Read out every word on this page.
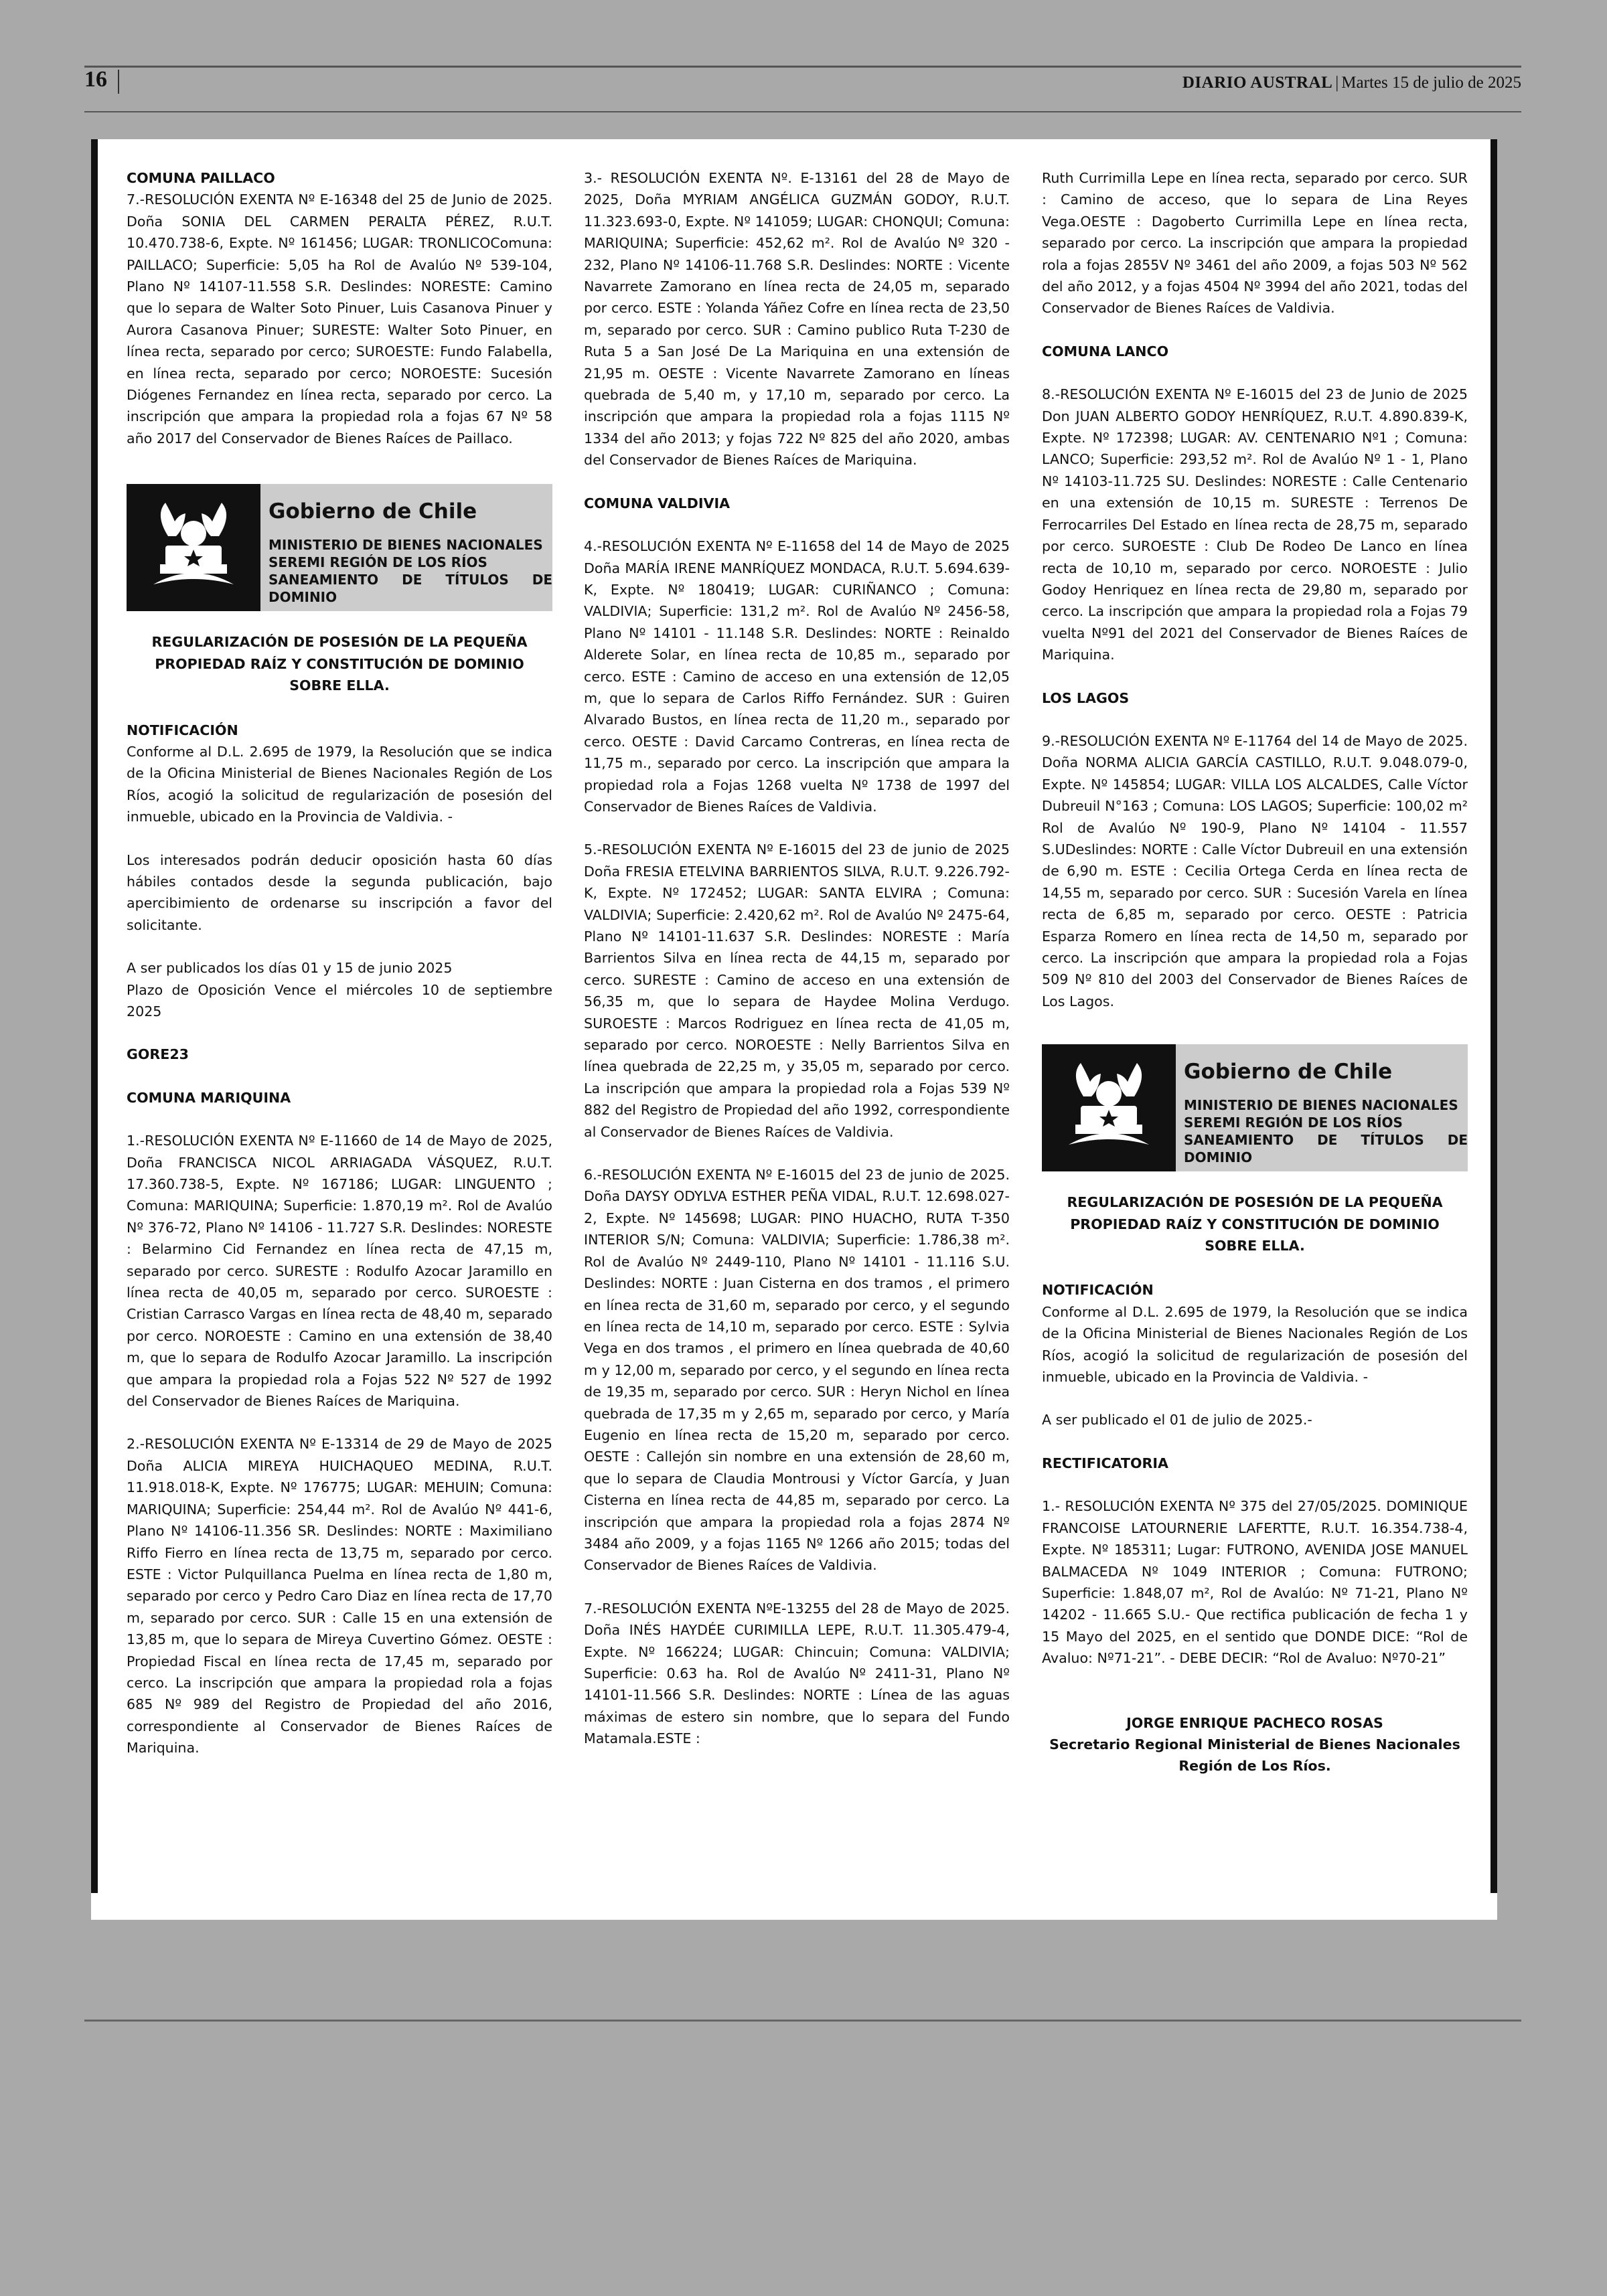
16	DIARIO AUSTRAL | Martes 15 de julio de 2025

COMUNA PAILLACO

7.-RESOLUCIÓN EXENTA Nº E-16348 del 25 de Junio de 2025. Doña SONIA DEL CARMEN PERALTA PÉREZ, R.U.T. 10.470.738-6, Expte. Nº 161456; LUGAR: TRONLICOComuna: PAILLACO; Superficie: 5,05 ha Rol de Avalúo Nº 539-104, Plano Nº 14107-11.558 S.R. Deslindes: NORESTE: Camino que lo separa de Walter Soto Pinuer, Luis Casanova Pinuer y Aurora Casanova Pinuer; SURESTE: Walter Soto Pinuer, en línea recta, separado por cerco; SUROESTE: Fundo Falabella, en línea recta, separado por cerco; NOROESTE: Sucesión Diógenes Fernandez en línea recta, separado por cerco. La inscripción que ampara la propiedad rola a fojas 67 Nº 58 año 2017 del Conservador de Bienes Raíces de Paillaco.

Gobierno de Chile
MINISTERIO DE BIENES NACIONALES
SEREMI REGIÓN DE LOS RÍOS
SANEAMIENTO DE TÍTULOS DE DOMINIO

REGULARIZACIÓN DE POSESIÓN DE LA PEQUEÑA

PROPIEDAD RAÍZ Y CONSTITUCIÓN DE DOMINIO SOBRE ELLA.

NOTIFICACIÓN

Conforme al D.L. 2.695 de 1979, la Resolución que se indica de la Oficina Ministerial de Bienes Nacionales Región de Los Ríos, acogió la solicitud de regularización de posesión del inmueble, ubicado en la Provincia de Valdivia. -

Los interesados podrán deducir oposición hasta 60 días hábiles contados desde la segunda publicación, bajo apercibimiento de ordenarse su inscripción a favor del solicitante.

A ser publicados los días 01 y 15 de junio 2025

Plazo de Oposición Vence el miércoles 10 de septiembre 2025

GORE23

COMUNA MARIQUINA

1.-RESOLUCIÓN EXENTA Nº E-11660 de 14 de Mayo de 2025, Doña FRANCISCA NICOL ARRIAGADA VÁSQUEZ, R.U.T. 17.360.738-5, Expte. Nº 167186; LUGAR: LINGUENTO ; Comuna: MARIQUINA; Superficie: 1.870,19 m². Rol de Avalúo Nº 376-72, Plano Nº 14106 - 11.727 S.R. Deslindes: NORESTE : Belarmino Cid Fernandez en línea recta de 47,15 m, separado por cerco. SURESTE : Rodulfo Azocar Jaramillo en línea recta de 40,05 m, separado por cerco. SUROESTE : Cristian Carrasco Vargas en línea recta de 48,40 m, separado por cerco. NOROESTE : Camino en una extensión de 38,40 m, que lo separa de Rodulfo Azocar Jaramillo. La inscripción que ampara la propiedad rola a Fojas 522 Nº 527 de 1992 del Conservador de Bienes Raíces de Mariquina.

2.-RESOLUCIÓN EXENTA Nº E-13314 de 29 de Mayo de 2025 Doña ALICIA MIREYA HUICHAQUEO MEDINA, R.U.T. 11.918.018-K, Expte. Nº 176775; LUGAR: MEHUIN; Comuna: MARIQUINA; Superficie: 254,44 m². Rol de Avalúo Nº 441-6, Plano Nº 14106-11.356 SR. Deslindes: NORTE : Maximiliano Riffo Fierro en línea recta de 13,75 m, separado por cerco. ESTE : Victor Pulquillanca Puelma en línea recta de 1,80 m, separado por cerco y Pedro Caro Diaz en línea recta de 17,70 m, separado por cerco. SUR : Calle 15 en una extensión de 13,85 m, que lo separa de Mireya Cuvertino Gómez. OESTE : Propiedad Fiscal en línea recta de 17,45 m, separado por cerco. La inscripción que ampara la propiedad rola a fojas 685 Nº 989 del Registro de Propiedad del año 2016, correspondiente al Conservador de Bienes Raíces de Mariquina.

3.- RESOLUCIÓN EXENTA Nº. E-13161 del 28 de Mayo de 2025, Doña MYRIAM ANGÉLICA GUZMÁN GODOY, R.U.T. 11.323.693-0, Expte. Nº 141059; LUGAR: CHONQUI; Comuna: MARIQUINA; Superficie: 452,62 m². Rol de Avalúo Nº 320 - 232, Plano Nº 14106-11.768 S.R. Deslindes: NORTE : Vicente Navarrete Zamorano en línea recta de 24,05 m, separado por cerco. ESTE : Yolanda Yáñez Cofre en línea recta de 23,50 m, separado por cerco. SUR : Camino publico Ruta T-230 de Ruta 5 a San José De La Mariquina en una extensión de 21,95 m. OESTE : Vicente Navarrete Zamorano en líneas quebrada de 5,40 m, y 17,10 m, separado por cerco. La inscripción que ampara la propiedad rola a fojas 1115 Nº 1334 del año 2013; y fojas 722 Nº 825 del año 2020, ambas del Conservador de Bienes Raíces de Mariquina.

COMUNA VALDIVIA

4.-RESOLUCIÓN EXENTA Nº E-11658 del 14 de Mayo de 2025 Doña MARÍA IRENE MANRÍQUEZ MONDACA, R.U.T. 5.694.639-K, Expte. Nº 180419; LUGAR: CURIÑANCO ; Comuna: VALDIVIA; Superficie: 131,2 m². Rol de Avalúo Nº 2456-58, Plano Nº 14101 - 11.148 S.R. Deslindes: NORTE : Reinaldo Alderete Solar, en línea recta de 10,85 m., separado por cerco. ESTE : Camino de acceso en una extensión de 12,05 m, que lo separa de Carlos Riffo Fernández. SUR : Guiren Alvarado Bustos, en línea recta de 11,20 m., separado por cerco. OESTE : David Carcamo Contreras, en línea recta de 11,75 m., separado por cerco. La inscripción que ampara la propiedad rola a Fojas 1268 vuelta Nº 1738 de 1997 del Conservador de Bienes Raíces de Valdivia.

5.-RESOLUCIÓN EXENTA Nº E-16015 del 23 de junio de 2025 Doña FRESIA ETELVINA BARRIENTOS SILVA, R.U.T. 9.226.792-K, Expte. Nº 172452; LUGAR: SANTA ELVIRA ; Comuna: VALDIVIA; Superficie: 2.420,62 m². Rol de Avalúo Nº 2475-64, Plano Nº 14101-11.637 S.R. Deslindes: NORESTE : María Barrientos Silva en línea recta de 44,15 m, separado por cerco. SURESTE : Camino de acceso en una extensión de 56,35 m, que lo separa de Haydee Molina Verdugo. SUROESTE : Marcos Rodriguez en línea recta de 41,05 m, separado por cerco. NOROESTE : Nelly Barrientos Silva en línea quebrada de 22,25 m, y 35,05 m, separado por cerco. La inscripción que ampara la propiedad rola a Fojas 539 Nº 882 del Registro de Propiedad del año 1992, correspondiente al Conservador de Bienes Raíces de Valdivia.

6.-RESOLUCIÓN EXENTA Nº E-16015 del 23 de junio de 2025. Doña DAYSY ODYLVA ESTHER PEÑA VIDAL, R.U.T. 12.698.027-2, Expte. Nº 145698; LUGAR: PINO HUACHO, RUTA T-350 INTERIOR S/N; Comuna: VALDIVIA; Superficie: 1.786,38 m². Rol de Avalúo Nº 2449-110, Plano Nº 14101 - 11.116 S.U. Deslindes: NORTE : Juan Cisterna en dos tramos , el primero en línea recta de 31,60 m, separado por cerco, y el segundo en línea recta de 14,10 m, separado por cerco. ESTE : Sylvia Vega en dos tramos , el primero en línea quebrada de 40,60 m y 12,00 m, separado por cerco, y el segundo en línea recta de 19,35 m, separado por cerco. SUR : Heryn Nichol en línea quebrada de 17,35 m y 2,65 m, separado por cerco, y María Eugenio en línea recta de 15,20 m, separado por cerco. OESTE : Callejón sin nombre en una extensión de 28,60 m, que lo separa de Claudia Montrousi y Víctor García, y Juan Cisterna en línea recta de 44,85 m, separado por cerco. La inscripción que ampara la propiedad rola a fojas 2874 Nº 3484 año 2009, y a fojas 1165 Nº 1266 año 2015; todas del Conservador de Bienes Raíces de Valdivia.

7.-RESOLUCIÓN EXENTA NºE-13255 del 28 de Mayo de 2025. Doña INÉS HAYDÉE CURIMILLA LEPE, R.U.T. 11.305.479-4, Expte. Nº 166224; LUGAR: Chincuin; Comuna: VALDIVIA; Superficie: 0.63 ha. Rol de Avalúo Nº 2411-31, Plano Nº 14101-11.566 S.R. Deslindes: NORTE : Línea de las aguas máximas de estero sin nombre, que lo separa del Fundo Matamala.ESTE :

Ruth Currimilla Lepe en línea recta, separado por cerco. SUR : Camino de acceso, que lo separa de Lina Reyes Vega.OESTE : Dagoberto Currimilla Lepe en línea recta, separado por cerco. La inscripción que ampara la propiedad rola a fojas 2855V Nº 3461 del año 2009, a fojas 503 Nº 562 del año 2012, y a fojas 4504 Nº 3994 del año 2021, todas del Conservador de Bienes Raíces de Valdivia.

COMUNA LANCO

8.-RESOLUCIÓN EXENTA Nº E-16015 del 23 de Junio de 2025 Don JUAN ALBERTO GODOY HENRÍQUEZ, R.U.T. 4.890.839-K, Expte. Nº 172398; LUGAR: AV. CENTENARIO Nº1 ; Comuna: LANCO; Superficie: 293,52 m². Rol de Avalúo Nº 1 - 1, Plano Nº 14103-11.725 SU. Deslindes: NORESTE : Calle Centenario en una extensión de 10,15 m. SURESTE : Terrenos De Ferrocarriles Del Estado en línea recta de 28,75 m, separado por cerco. SUROESTE : Club De Rodeo De Lanco en línea recta de 10,10 m, separado por cerco. NOROESTE : Julio Godoy Henriquez en línea recta de 29,80 m, separado por cerco. La inscripción que ampara la propiedad rola a Fojas 79 vuelta Nº91 del 2021 del Conservador de Bienes Raíces de Mariquina.

LOS LAGOS

9.-RESOLUCIÓN EXENTA Nº E-11764 del 14 de Mayo de 2025. Doña NORMA ALICIA GARCÍA CASTILLO, R.U.T. 9.048.079-0, Expte. Nº 145854; LUGAR: VILLA LOS ALCALDES, Calle Víctor Dubreuil N°163 ; Comuna: LOS LAGOS; Superficie: 100,02 m² Rol de Avalúo Nº 190-9, Plano Nº 14104 - 11.557 S.UDeslindes: NORTE : Calle Víctor Dubreuil en una extensión de 6,90 m. ESTE : Cecilia Ortega Cerda en línea recta de 14,55 m, separado por cerco. SUR : Sucesión Varela en línea recta de 6,85 m, separado por cerco. OESTE : Patricia Esparza Romero en línea recta de 14,50 m, separado por cerco. La inscripción que ampara la propiedad rola a Fojas 509 Nº 810 del 2003 del Conservador de Bienes Raíces de Los Lagos.

Gobierno de Chile
MINISTERIO DE BIENES NACIONALES
SEREMI REGIÓN DE LOS RÍOS
SANEAMIENTO DE TÍTULOS DE DOMINIO

REGULARIZACIÓN DE POSESIÓN DE LA PEQUEÑA

PROPIEDAD RAÍZ Y CONSTITUCIÓN DE DOMINIO SOBRE ELLA.

NOTIFICACIÓN

Conforme al D.L. 2.695 de 1979, la Resolución que se indica de la Oficina Ministerial de Bienes Nacionales Región de Los Ríos, acogió la solicitud de regularización de posesión del inmueble, ubicado en la Provincia de Valdivia. -

A ser publicado el 01 de julio de 2025.-

RECTIFICATORIA

1.- RESOLUCIÓN EXENTA Nº 375 del 27/05/2025. DOMINIQUE FRANCOISE LATOURNERIE LAFERTTE, R.U.T. 16.354.738-4, Expte. Nº 185311; Lugar: FUTRONO, AVENIDA JOSE MANUEL BALMACEDA Nº 1049 INTERIOR ; Comuna: FUTRONO; Superficie: 1.848,07 m², Rol de Avalúo: Nº 71-21, Plano Nº 14202 - 11.665 S.U.- Que rectifica publicación de fecha 1 y 15 Mayo del 2025, en el sentido que DONDE DICE: “Rol de Avaluo: Nº71-21”. - DEBE DECIR: “Rol de Avaluo: Nº70-21”

JORGE ENRIQUE PACHECO ROSAS

Secretario Regional Ministerial de Bienes Nacionales

Región de Los Ríos.
